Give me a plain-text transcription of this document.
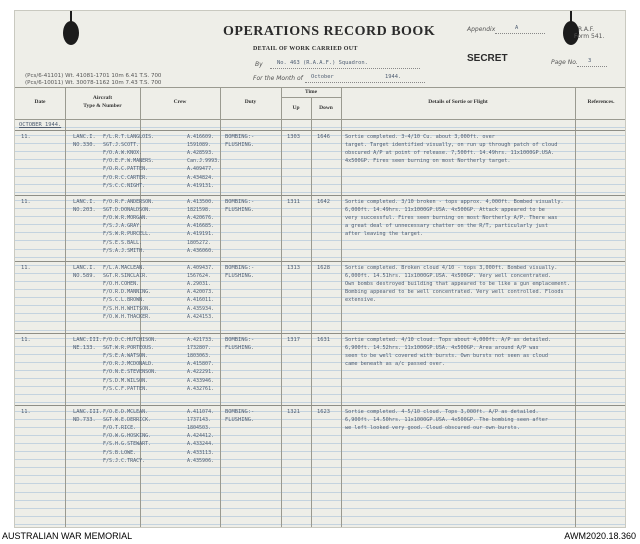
(Pcs/6-41101) Wt. 41081-1701 10m 6.41 T.S. 700
(Pcs/6-10011) Wt. 30078-1162 10m 7.43 T.S. 700
OPERATIONS RECORD BOOK
DETAIL OF WORK CARRIED OUT
Appendix	A	R.A.F.
Form 541.
By	No. 463 (R.A.A.F.) Squadron.
For the Month of October	1944.
SECRET	Page No. 3
Date
Aircraft
Type & Number
Crew	Duty
Time
Up	Down
Details of Sortie or Flight	References.
OCTOBER 1944.
11.	LANC.I.
NO.330.
F/L.R.T.LANGLOIS.	A.416609.
SGT.J.SCOTT.	1591089.
F/O.A.W.KNOX.	A.428593.
F/O.E.F.W.MANERS.	Can.J.9993.
F/O.R.C.PATTEN.	A.409477.
F/O.R.C.CARTER.	A.434824.
F/S.C.C.NIGHT.	A.419131.
BOMBING:-
FLUSHING.
1303	1646	Sortie completed. 3-4/10 Cu. about 3,000ft. over
target. Target identified visually, on run up through patch of cloud
obscured A/P at point of release. 7,500ft. 14.49hrs. 11x1000GP.USA.
4x500GP. Fires seen burning on most Northerly target.
11.	LANC.I.
NO.203.
F/O.R.F.ANDERSON.	A.413500.
SGT.D.DONALDSON.	1821598.
F/O.W.R.MORGAN.	A.420676.
F/S.J.A.GRAY.	A.416685.
F/S.W.R.PURCELL.	A.419191.
F/S.E.S.BALL.	1805272.
F/S.A.J.SMITH.	A.436060.
BOMBING:-
FLUSHING.
1311	1642	Sortie completed. 3/10 broken - tops approx. 4,000ft. Bombed visually.
6,000ft. 14.49hrs. 11x1000GP.USA. 4x500GP. Attack appeared to be
very successful. Fires seen burning on most Northerly A/P. There was
a great deal of unnecessary chatter on the R/T, particularly just
after leaving the target.
11.	LANC.I.
NO.589.
F/L.A.MACLEAN.	A.409437.
SGT.R.SINCLAIR.	1567624.
F/O.H.COHEN.	A.29031.
F/O.R.D.MANNING.	A.420073.
F/S.C.L.BROWN.	A.416011.
F/S.H.H.WHITSON.	A.435934.
F/O.W.H.THACKER.	A.424153.
BOMBING:-
FLUSHING.
1313	1628	Sortie completed. Broken cloud 4/10 - tops 3,000ft. Bombed visually.
6,000ft. 14.51hrs. 11x1000GP.USA. 4x500GP. Very well concentrated.
Own bombs destroyed building that appeared to be like a gun emplacement.
Bombing appeared to be well concentrated. Very well controlled. Floods
extensive.
11.	LANC.III.
NE.133.
F/O.D.C.HUTCHISON.	A.421733.
SGT.W.R.PORTEOUS.	1732807.
F/S.E.A.WATSON.	1803063.
F/O.R.J.MCDONALD.	A.415807.
F/O.N.E.STEVENSON.	A.422291.
F/S.D.M.WILSON.	A.433946.
F/S.C.F.PATTEN.	A.432761.
BOMBING:-
FLUSHING.
1317	1631	Sortie completed. 4/10 cloud. Tops about 4,000ft. A/P as detailed.
6,900ft. 14.52hrs. 11x1000GP.USA. 4x500GP. Area around A/P was
seen to be well covered with bursts. Own bursts not seen as cloud
came beneath as a/c passed over.
11.	LANC.III.
ND.733.
F/O.E.D.MCLEAN.	A.411074.
SGT.W.E.DERRICK.	1737143.
F/O.T.RICE.	1804503.
F/O.W.G.HOSKING.	A.424412.
F/S.H.G.STEWART.	A.433244.
F/S.B.LOWE.	A.433113.
F/S.J.C.TRACY.	A.435906.
BOMBING:-
FLUSHING.
1321	1623	Sortie completed. 4-5/10 cloud. Tops 3,000ft. A/P as detailed.
6,900ft. 14.50hrs. 11x1000GP.USA. 4x500GP. The bombing seen after
we left looked very good. Cloud obscured our own bursts.
AUSTRALIAN WAR MEMORIAL	AWM2020.18.360
